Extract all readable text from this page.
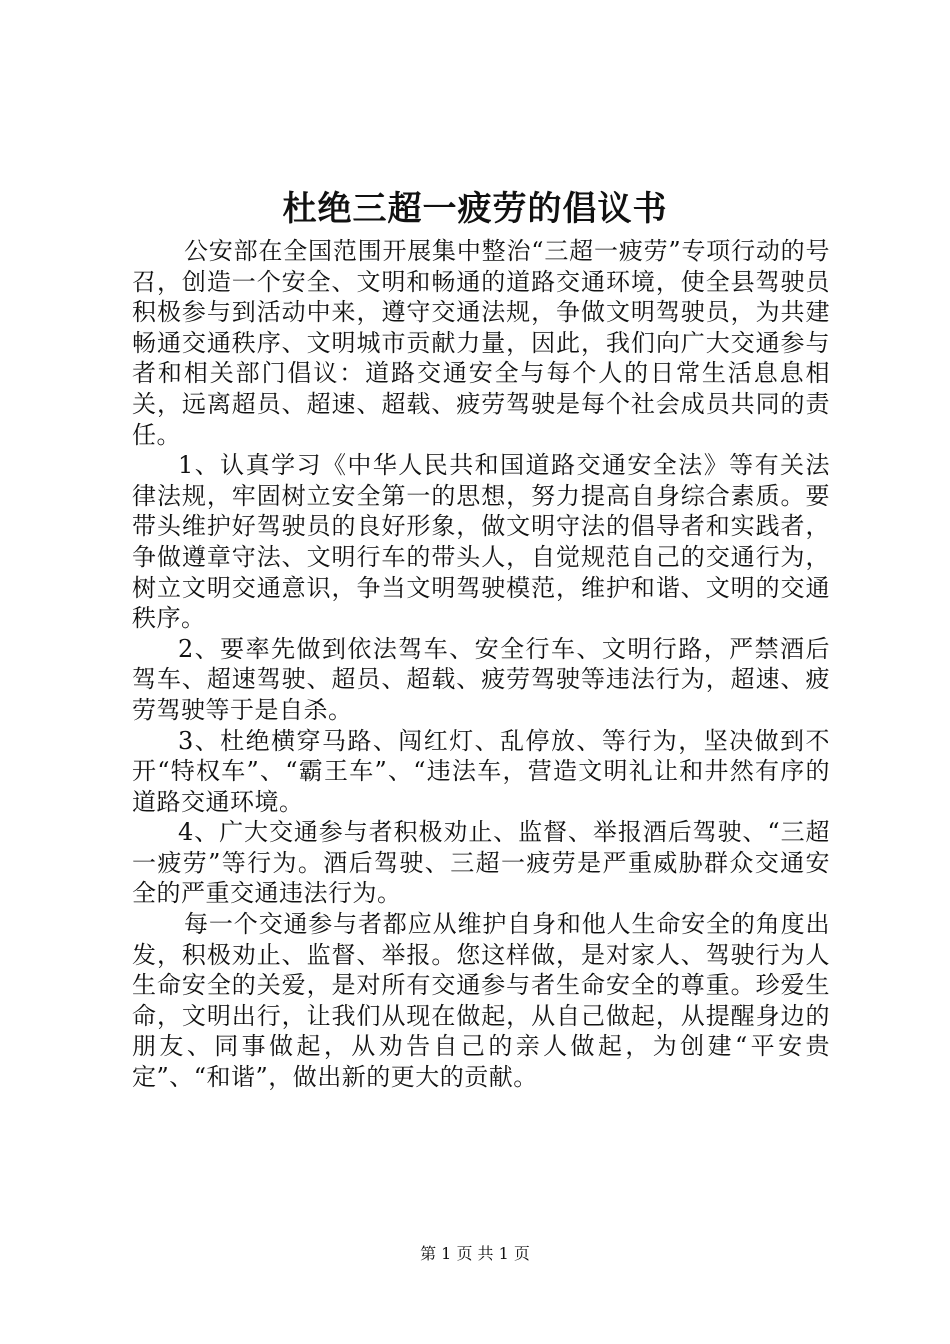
杜绝三超一疲劳的倡议书

公安部在全国范围开展集中整治“三超一疲劳”专项行动的号召，创造一个安全、文明和畅通的道路交通环境，使全县驾驶员积极参与到活动中来，遵守交通法规，争做文明驾驶员，为共建畅通交通秩序、文明城市贡献力量，因此，我们向广大交通参与者和相关部门倡议：道路交通安全与每个人的日常生活息息相关，远离超员、超速、超载、疲劳驾驶是每个社会成员共同的责任。

1、认真学习《中华人民共和国道路交通安全法》等有关法律法规，牢固树立安全第一的思想，努力提高自身综合素质。要带头维护好驾驶员的良好形象，做文明守法的倡导者和实践者，争做遵章守法、文明行车的带头人，自觉规范自己的交通行为，树立文明交通意识，争当文明驾驶模范，维护和谐、文明的交通秩序。

2、要率先做到依法驾车、安全行车、文明行路，严禁酒后驾车、超速驾驶、超员、超载、疲劳驾驶等违法行为，超速、疲劳驾驶等于是自杀。

3、杜绝横穿马路、闯红灯、乱停放、等行为，坚决做到不开“特权车”、“霸王车”、“违法车，营造文明礼让和井然有序的道路交通环境。

4、广大交通参与者积极劝止、监督、举报酒后驾驶、“三超一疲劳”等行为。酒后驾驶、三超一疲劳是严重威胁群众交通安全的严重交通违法行为。

每一个交通参与者都应从维护自身和他人生命安全的角度出发，积极劝止、监督、举报。您这样做，是对家人、驾驶行为人生命安全的关爱，是对所有交通参与者生命安全的尊重。珍爱生命，文明出行，让我们从现在做起，从自己做起，从提醒身边的朋友、同事做起，从劝告自己的亲人做起，为创建“平安贵定”、“和谐”，做出新的更大的贡献。

第 1 页 共 1 页
